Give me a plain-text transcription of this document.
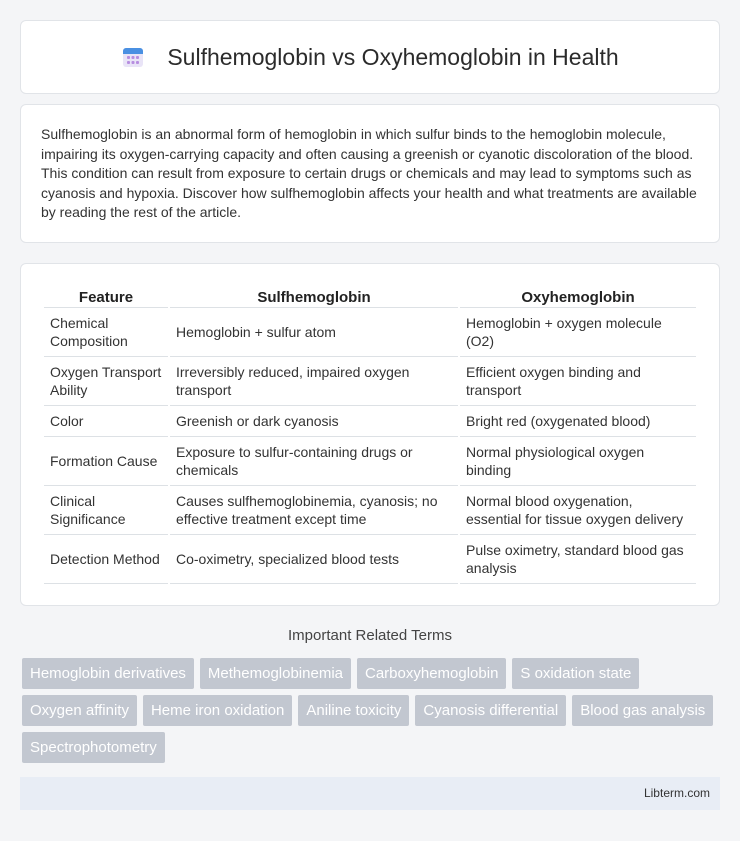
Sulfhemoglobin vs Oxyhemoglobin in Health

Sulfhemoglobin is an abnormal form of hemoglobin in which sulfur binds to the hemoglobin molecule, impairing its oxygen-carrying capacity and often causing a greenish or cyanotic discoloration of the blood. This condition can result from exposure to certain drugs or chemicals and may lead to symptoms such as cyanosis and hypoxia. Discover how sulfhemoglobin affects your health and what treatments are available by reading the rest of the article.

Feature	Sulfhemoglobin	Oxyhemoglobin
Chemical Composition	Hemoglobin + sulfur atom	Hemoglobin + oxygen molecule (O2)
Oxygen Transport Ability	Irreversibly reduced, impaired oxygen transport	Efficient oxygen binding and transport
Color	Greenish or dark cyanosis	Bright red (oxygenated blood)
Formation Cause	Exposure to sulfur-containing drugs or chemicals	Normal physiological oxygen binding
Clinical Significance	Causes sulfhemoglobinemia, cyanosis; no effective treatment except time	Normal blood oxygenation, essential for tissue oxygen delivery
Detection Method	Co-oximetry, specialized blood tests	Pulse oximetry, standard blood gas analysis
Important Related Terms
Hemoglobin derivatives	Methemoglobinemia	Carboxyhemoglobin	S oxidation state
Oxygen affinity	Heme iron oxidation	Aniline toxicity	Cyanosis differential	Blood gas analysis
Spectrophotometry
Libterm.com
